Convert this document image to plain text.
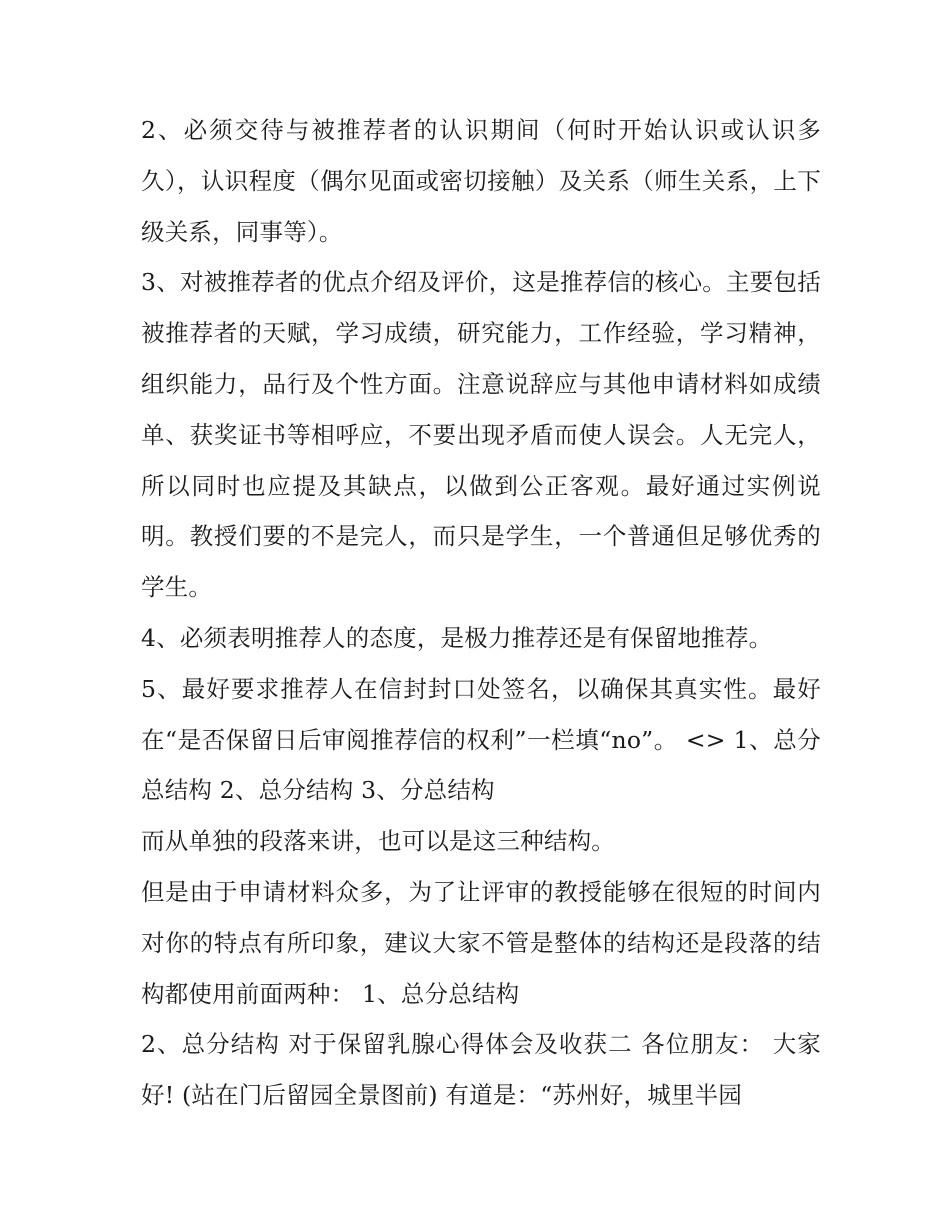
2、必须交待与被推荐者的认识期间（何时开始认识或认识多久），认识程度（偶尔见面或密切接触）及关系（师生关系，上下级关系，同事等）。

3、对被推荐者的优点介绍及评价，这是推荐信的核心。主要包括被推荐者的天赋，学习成绩，研究能力，工作经验，学习精神，组织能力，品行及个性方面。注意说辞应与其他申请材料如成绩单、获奖证书等相呼应，不要出现矛盾而使人误会。人无完人，所以同时也应提及其缺点，以做到公正客观。最好通过实例说明。教授们要的不是完人，而只是学生，一个普通但足够优秀的学生。

4、必须表明推荐人的态度，是极力推荐还是有保留地推荐。

5、最好要求推荐人在信封封口处签名，以确保其真实性。最好在“是否保留日后审阅推荐信的权利”一栏填“no”。 <> 1、总分总结构 2、总分结构 3、分总结构

而从单独的段落来讲，也可以是这三种结构。

但是由于申请材料众多，为了让评审的教授能够在很短的时间内对你的特点有所印象，建议大家不管是整体的结构还是段落的结构都使用前面两种： 1、总分总结构

2、总分结构 对于保留乳腺心得体会及收获二 各位朋友： 大家好! (站在门后留园全景图前) 有道是：“苏州好，城里半园
